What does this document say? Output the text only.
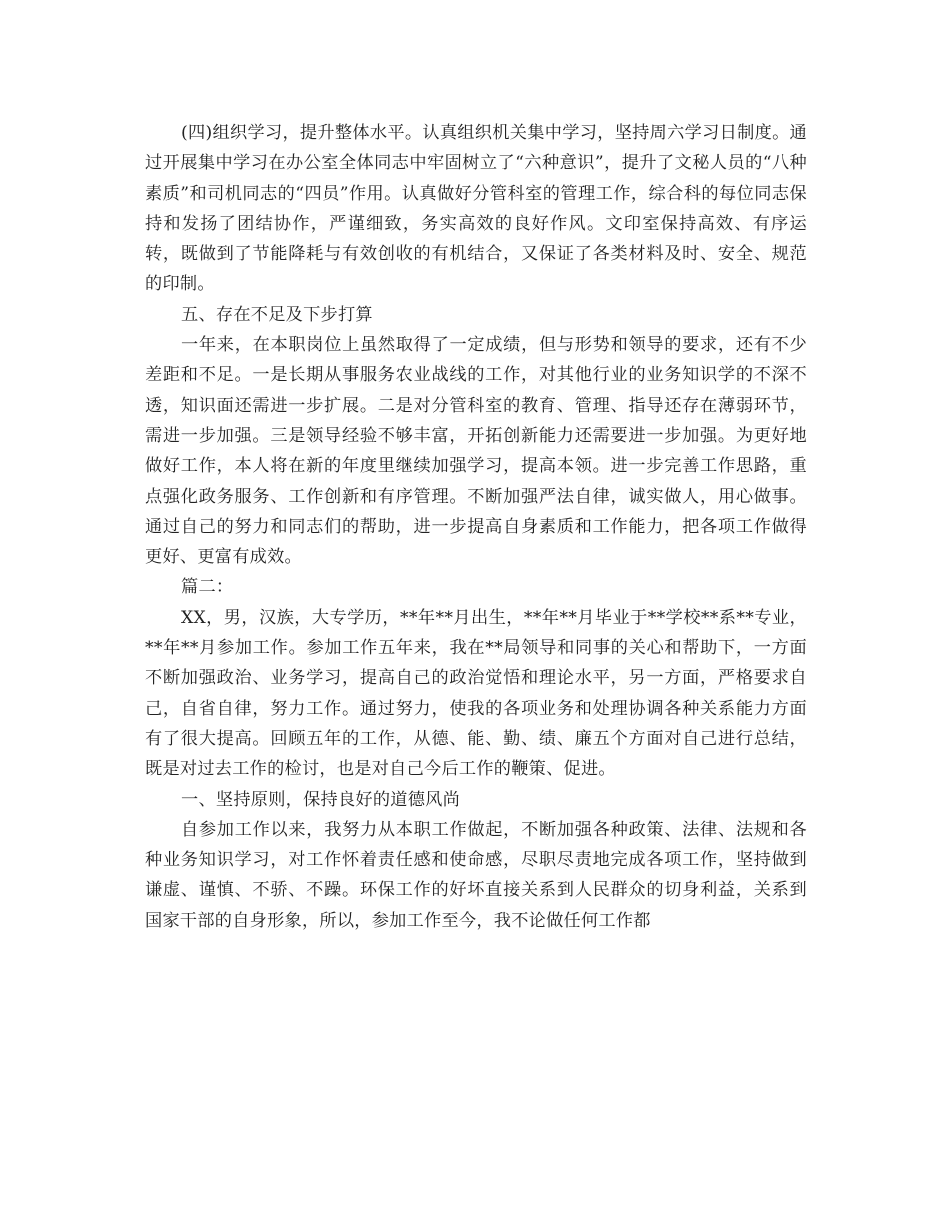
(四)组织学习，提升整体水平。认真组织机关集中学习，坚持周六学习日制度。通过开展集中学习在办公室全体同志中牢固树立了“六种意识”，提升了文秘人员的“八种素质”和司机同志的“四员”作用。认真做好分管科室的管理工作，综合科的每位同志保持和发扬了团结协作，严谨细致，务实高效的良好作风。文印室保持高效、有序运转，既做到了节能降耗与有效创收的有机结合，又保证了各类材料及时、安全、规范的印制。

五、存在不足及下步打算

一年来，在本职岗位上虽然取得了一定成绩，但与形势和领导的要求，还有不少差距和不足。一是长期从事服务农业战线的工作，对其他行业的业务知识学的不深不透，知识面还需进一步扩展。二是对分管科室的教育、管理、指导还存在薄弱环节，需进一步加强。三是领导经验不够丰富，开拓创新能力还需要进一步加强。为更好地做好工作，本人将在新的年度里继续加强学习，提高本领。进一步完善工作思路，重点强化政务服务、工作创新和有序管理。不断加强严法自律，诚实做人，用心做事。通过自己的努力和同志们的帮助，进一步提高自身素质和工作能力，把各项工作做得更好、更富有成效。

篇二：

XX，男，汉族，大专学历，**年**月出生，**年**月毕业于**学校**系**专业，**年**月参加工作。参加工作五年来，我在**局领导和同事的关心和帮助下，一方面不断加强政治、业务学习，提高自己的政治觉悟和理论水平，另一方面，严格要求自己，自省自律，努力工作。通过努力，使我的各项业务和处理协调各种关系能力方面有了很大提高。回顾五年的工作，从德、能、勤、绩、廉五个方面对自己进行总结，既是对过去工作的检讨，也是对自己今后工作的鞭策、促进。

一、坚持原则，保持良好的道德风尚

自参加工作以来，我努力从本职工作做起，不断加强各种政策、法律、法规和各种业务知识学习，对工作怀着责任感和使命感，尽职尽责地完成各项工作，坚持做到谦虚、谨慎、不骄、不躁。环保工作的好坏直接关系到人民群众的切身利益，关系到国家干部的自身形象，所以，参加工作至今，我不论做任何工作都
